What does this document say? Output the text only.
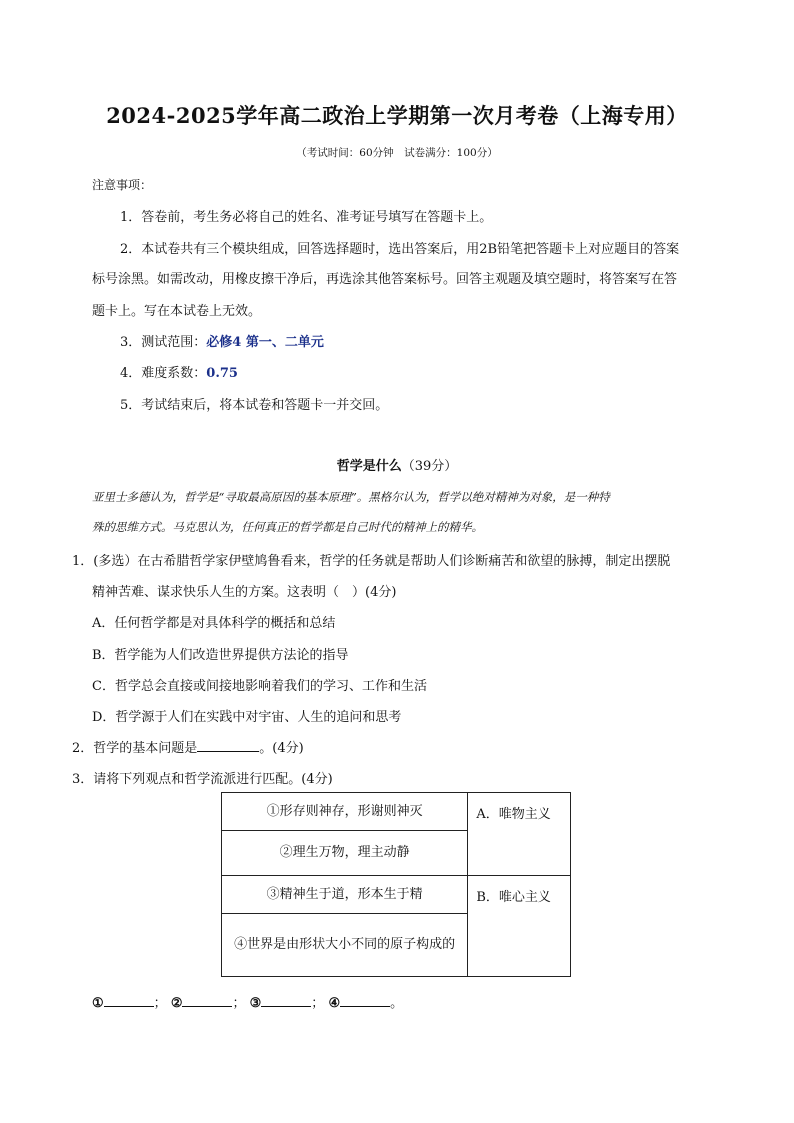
2024-2025学年高二政治上学期第一次月考卷（上海专用）
（考试时间：60分钟　试卷满分：100分）
注意事项：
1．答卷前，考生务必将自己的姓名、准考证号填写在答题卡上。
2．本试卷共有三个模块组成，回答选择题时，选出答案后，用2B铅笔把答题卡上对应题目的答案
标号涂黑。如需改动，用橡皮擦干净后，再选涂其他答案标号。回答主观题及填空题时，将答案写在答
题卡上。写在本试卷上无效。
3．测试范围：必修4 第一、二单元
4．难度系数：0.75
5．考试结束后，将本试卷和答题卡一并交回。
哲学是什么（39分）
亚里士多德认为，哲学是“寻取最高原因的基本原理”。黑格尔认为，哲学以绝对精神为对象，是一种特
殊的思维方式。马克思认为，任何真正的哲学都是自己时代的精神上的精华。
1．(多选）在古希腊哲学家伊壁鸠鲁看来，哲学的任务就是帮助人们诊断痛苦和欲望的脉搏，制定出摆脱
精神苦难、谋求快乐人生的方案。这表明（　）(4分)
A．任何哲学都是对具体科学的概括和总结
B．哲学能为人们改造世界提供方法论的指导
C．哲学总会直接或间接地影响着我们的学习、工作和生活
D．哲学源于人们在实践中对宇宙、人生的追问和思考
2．哲学的基本问题是	。(4分)
3．请将下列观点和哲学流派进行匹配。(4分)
①形存则神存，形谢则神灭	A．唯物主义

②理生万物，理主动静	

③精神生于道，形本生于精	B．唯心主义

④世界是由形状大小不同的原子构成的	
①	； ②	； ③	； ④	。
